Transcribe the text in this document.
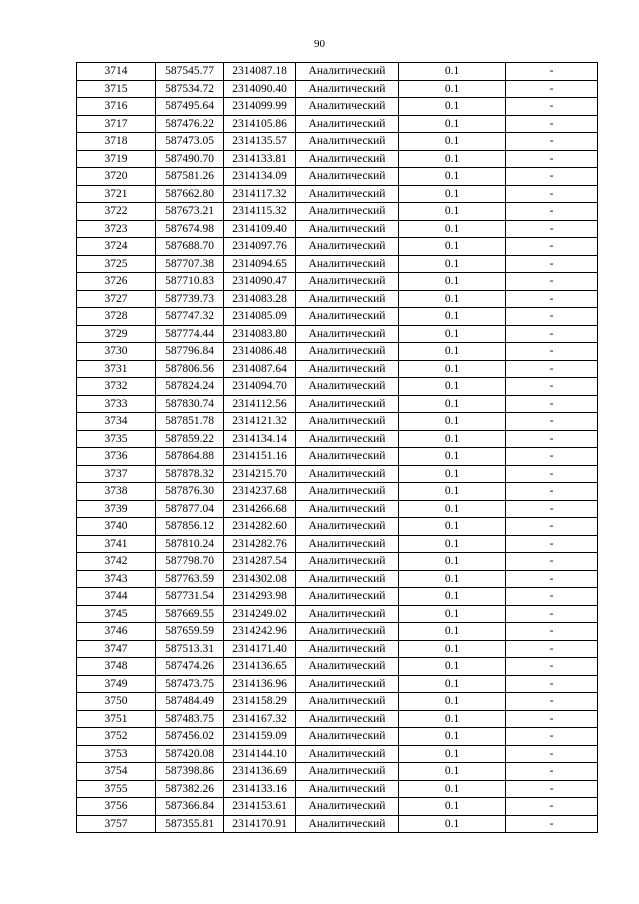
90
3714	587545.77	2314087.18	Аналитический	0.1	-
3715	587534.72	2314090.40	Аналитический	0.1	-
3716	587495.64	2314099.99	Аналитический	0.1	-
3717	587476.22	2314105.86	Аналитический	0.1	-
3718	587473.05	2314135.57	Аналитический	0.1	-
3719	587490.70	2314133.81	Аналитический	0.1	-
3720	587581.26	2314134.09	Аналитический	0.1	-
3721	587662.80	2314117.32	Аналитический	0.1	-
3722	587673.21	2314115.32	Аналитический	0.1	-
3723	587674.98	2314109.40	Аналитический	0.1	-
3724	587688.70	2314097.76	Аналитический	0.1	-
3725	587707.38	2314094.65	Аналитический	0.1	-
3726	587710.83	2314090.47	Аналитический	0.1	-
3727	587739.73	2314083.28	Аналитический	0.1	-
3728	587747.32	2314085.09	Аналитический	0.1	-
3729	587774.44	2314083.80	Аналитический	0.1	-
3730	587796.84	2314086.48	Аналитический	0.1	-
3731	587806.56	2314087.64	Аналитический	0.1	-
3732	587824.24	2314094.70	Аналитический	0.1	-
3733	587830.74	2314112.56	Аналитический	0.1	-
3734	587851.78	2314121.32	Аналитический	0.1	-
3735	587859.22	2314134.14	Аналитический	0.1	-
3736	587864.88	2314151.16	Аналитический	0.1	-
3737	587878.32	2314215.70	Аналитический	0.1	-
3738	587876.30	2314237.68	Аналитический	0.1	-
3739	587877.04	2314266.68	Аналитический	0.1	-
3740	587856.12	2314282.60	Аналитический	0.1	-
3741	587810.24	2314282.76	Аналитический	0.1	-
3742	587798.70	2314287.54	Аналитический	0.1	-
3743	587763.59	2314302.08	Аналитический	0.1	-
3744	587731.54	2314293.98	Аналитический	0.1	-
3745	587669.55	2314249.02	Аналитический	0.1	-
3746	587659.59	2314242.96	Аналитический	0.1	-
3747	587513.31	2314171.40	Аналитический	0.1	-
3748	587474.26	2314136.65	Аналитический	0.1	-
3749	587473.75	2314136.96	Аналитический	0.1	-
3750	587484.49	2314158.29	Аналитический	0.1	-
3751	587483.75	2314167.32	Аналитический	0.1	-
3752	587456.02	2314159.09	Аналитический	0.1	-
3753	587420.08	2314144.10	Аналитический	0.1	-
3754	587398.86	2314136.69	Аналитический	0.1	-
3755	587382.26	2314133.16	Аналитический	0.1	-
3756	587366.84	2314153.61	Аналитический	0.1	-
3757	587355.81	2314170.91	Аналитический	0.1	-
